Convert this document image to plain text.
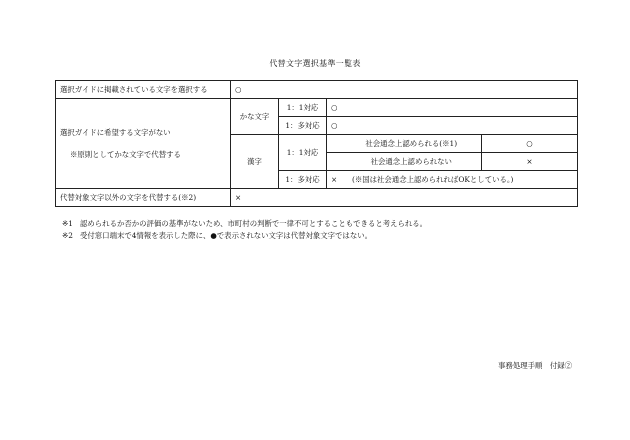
代替文字選択基準一覧表
選択ガイドに掲載されている文字を選択する	○				
選択ガイドに希望する文字がない
※原則としてかな文字で代替する	かな文字	1：1対応	○		
		1：多対応	○		
	漢字	1：1対応		社会通念上認められる(※1)	○
				社会通念上認められない	×
		1：多対応	×　　(※国は社会通念上認められればOKとしている。)		
代替対象文字以外の文字を代替する(※2)	×				
※1 認められるか否かの評価の基準がないため、市町村の判断で一律不可とすることもできると考えられる。
※2 受付窓口端末で4情報を表示した際に、●で表示されない文字は代替対象文字ではない。
事務処理手順　付録②
